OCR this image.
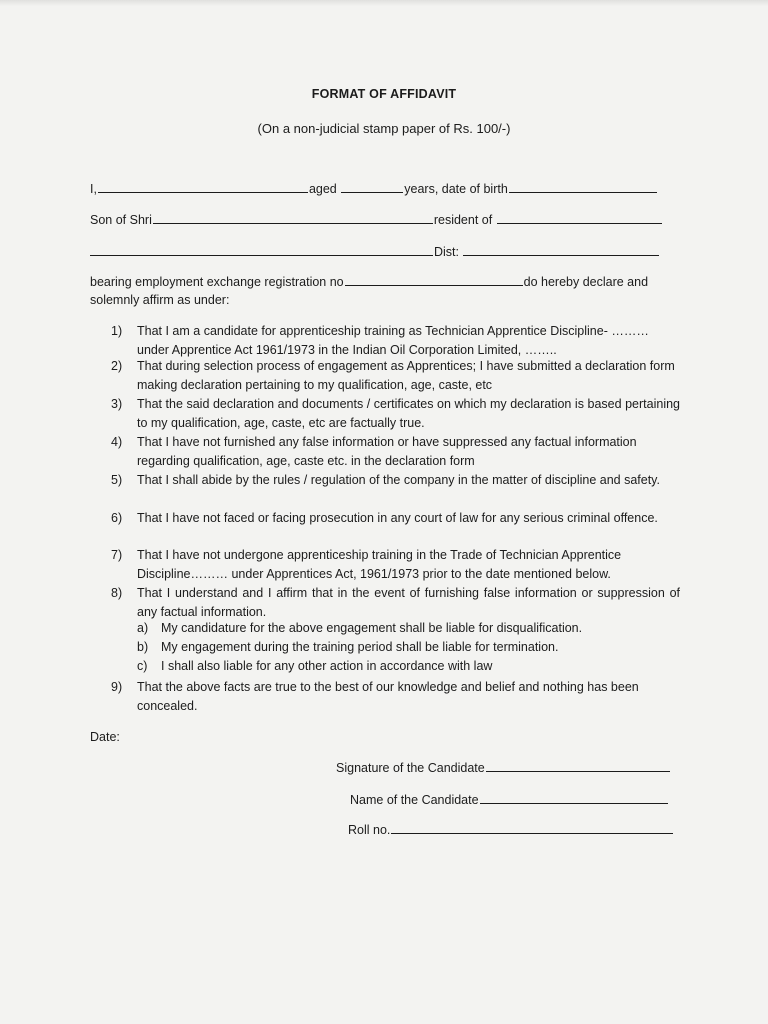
FORMAT OF AFFIDAVIT
(On a non-judicial stamp paper of Rs. 100/-)
I,	aged	years, date of birth
Son of Shri	resident of
Dist:
bearing employment exchange registration no	do hereby declare and
solemnly affirm as under:
1) That I am a candidate for apprenticeship training as Technician Apprentice Discipline- ……… under Apprentice Act 1961/1973 in the Indian Oil Corporation Limited, ……..
2) That during selection process of engagement as Apprentices; I have submitted a declaration form making declaration pertaining to my qualification, age, caste, etc
3) That the said declaration and documents / certificates on which my declaration is based pertaining to my qualification, age, caste, etc are factually true.
4) That I have not furnished any false information or have suppressed any factual information regarding qualification, age, caste etc. in the declaration form
5) That I shall abide by the rules / regulation of the company in the matter of discipline and safety.
6) That I have not faced or facing prosecution in any court of law for any serious criminal offence.
7) That I have not undergone apprenticeship training in the Trade of Technician Apprentice Discipline……… under Apprentices Act, 1961/1973 prior to the date mentioned below.
8) That I understand and I affirm that in the event of furnishing false information or suppression of any factual information.
9) That the above facts are true to the best of our knowledge and belief and nothing has been concealed.
a) My candidature for the above engagement shall be liable for disqualification.
b) My engagement during the training period shall be liable for termination.
c) I shall also liable for any other action in accordance with law
Date:
Signature of the Candidate
Name of the Candidate
Roll no.
